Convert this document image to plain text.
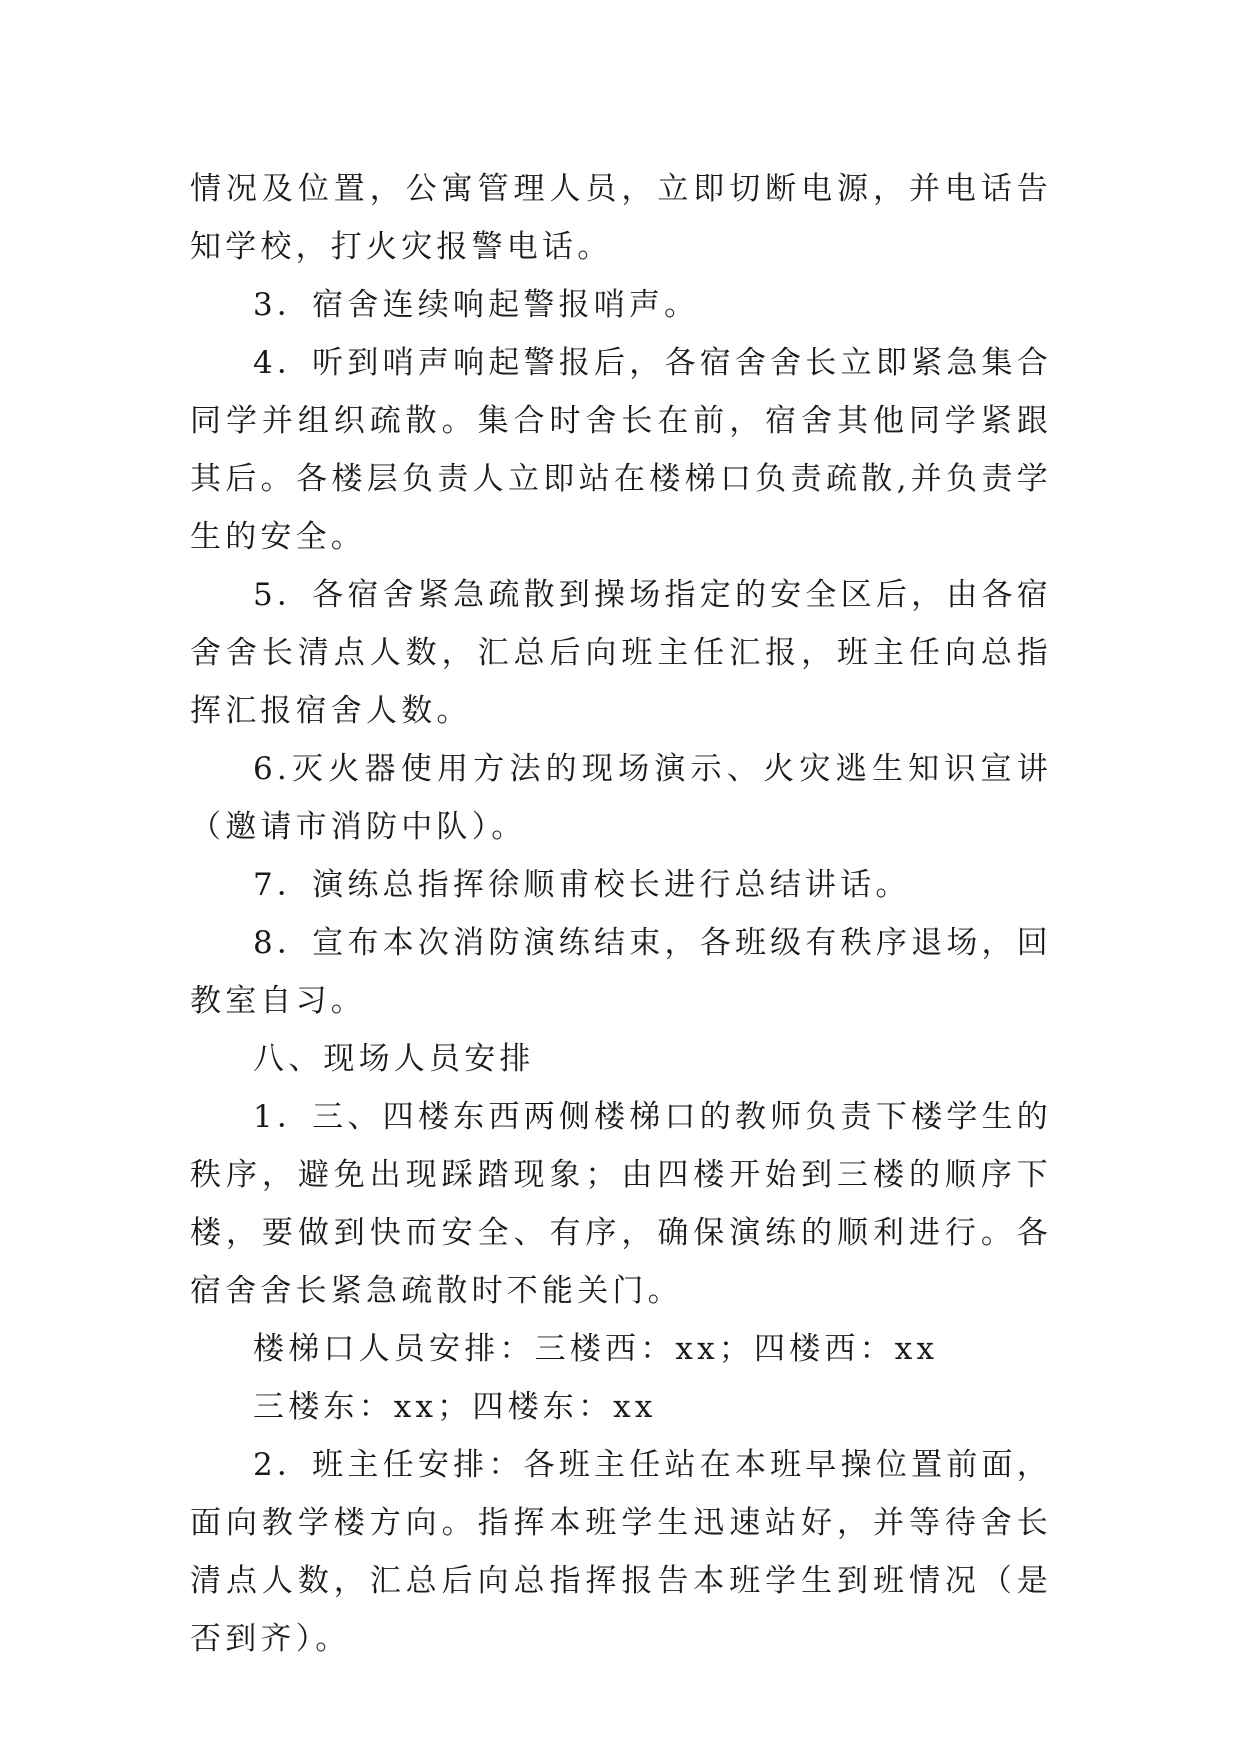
情况及位置，公寓管理人员，立即切断电源，并电话告知学校，打火灾报警电话。

3．宿舍连续响起警报哨声。

4．听到哨声响起警报后，各宿舍舍长立即紧急集合同学并组织疏散。集合时舍长在前，宿舍其他同学紧跟其后。各楼层负责人立即站在楼梯口负责疏散,并负责学生的安全。

5．各宿舍紧急疏散到操场指定的安全区后，由各宿舍舍长清点人数，汇总后向班主任汇报，班主任向总指挥汇报宿舍人数。

6.灭火器使用方法的现场演示、火灾逃生知识宣讲（邀请市消防中队）。

7．演练总指挥徐顺甫校长进行总结讲话。

8．宣布本次消防演练结束，各班级有秩序退场，回教室自习。

八、现场人员安排

1．三、四楼东西两侧楼梯口的教师负责下楼学生的秩序，避免出现踩踏现象；由四楼开始到三楼的顺序下楼，要做到快而安全、有序，确保演练的顺利进行。各宿舍舍长紧急疏散时不能关门。

楼梯口人员安排：三楼西：xx；四楼西：xx

三楼东：xx；四楼东：xx

2．班主任安排：各班主任站在本班早操位置前面，面向教学楼方向。指挥本班学生迅速站好，并等待舍长清点人数，汇总后向总指挥报告本班学生到班情况（是否到齐）。
